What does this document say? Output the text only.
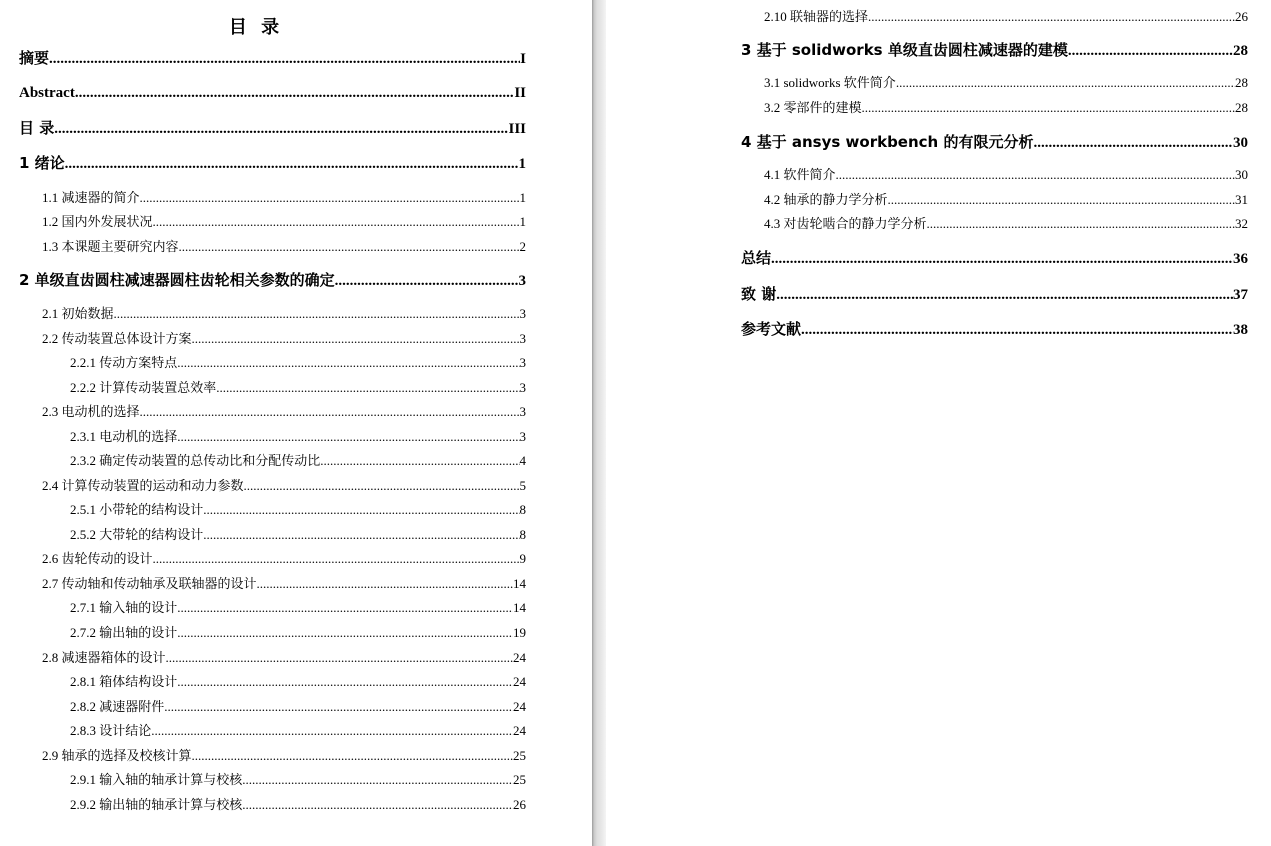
目 录
摘要 .....	I
Abstract .....	II
目 录 .....	III
1 绪论 .....	1
1.1 减速器的简介 .....	1
1.2 国内外发展状况 .....	1
1.3 本课题主要研究内容 .....	2
2 单级直齿圆柱减速器圆柱齿轮相关参数的确定 .....	3
2.1 初始数据 .....	3
2.2 传动装置总体设计方案 .....	3
2.2.1 传动方案特点 .....	3
2.2.2 计算传动装置总效率 .....	3
2.3 电动机的选择 .....	3
2.3.1 电动机的选择 .....	3
2.3.2 确定传动装置的总传动比和分配传动比 .....	4
2.4 计算传动装置的运动和动力参数 .....	5
2.5.1 小带轮的结构设计 .....	8
2.5.2 大带轮的结构设计 .....	8
2.6 齿轮传动的设计 .....	9
2.7 传动轴和传动轴承及联轴器的设计 .....	14
2.7.1 输入轴的设计 .....	14
2.7.2 输出轴的设计 .....	19
2.8 减速器箱体的设计 .....	24
2.8.1 箱体结构设计 .....	24
2.8.2 减速器附件 .....	24
2.8.3 设计结论 .....	24
2.9 轴承的选择及校核计算 .....	25
2.9.1 输入轴的轴承计算与校核 .....	25
2.9.2 输出轴的轴承计算与校核 .....	26
2.10 联轴器的选择 .....	26
3 基于 solidworks 单级直齿圆柱减速器的建模 .....	28
3.1 solidworks 软件简介 .....	28
3.2 零部件的建模 .....	28
4 基于 ansys workbench 的有限元分析 .....	30
4.1 软件简介 .....	30
4.2 轴承的静力学分析 .....	31
4.3 对齿轮啮合的静力学分析 .....	32
总结 .....	36
致 谢 .....	37
参考文献 .....	38
